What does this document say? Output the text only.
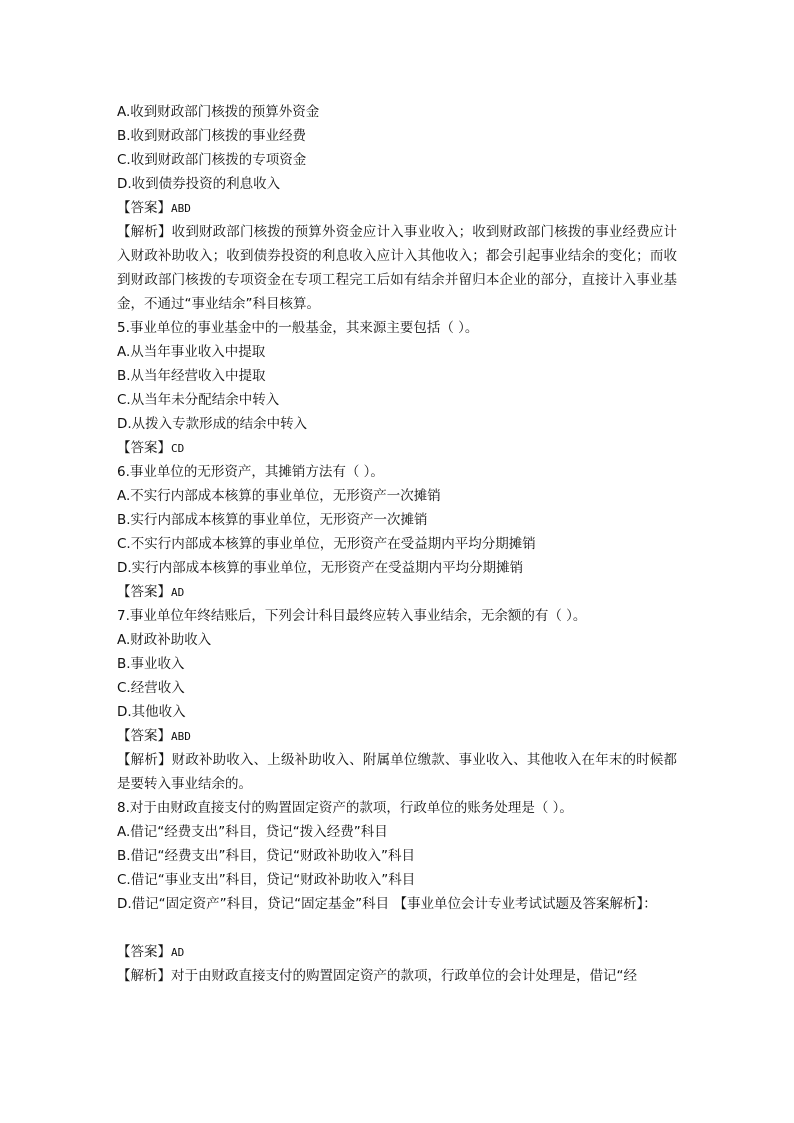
A.收到财政部门核拨的预算外资金
B.收到财政部门核拨的事业经费
C.收到财政部门核拨的专项资金
D.收到债券投资的利息收入
【答案】ABD
【解析】收到财政部门核拨的预算外资金应计入事业收入；收到财政部门核拨的事业经费应计入财政补助收入；收到债券投资的利息收入应计入其他收入；都会引起事业结余的变化；而收到财政部门核拨的专项资金在专项工程完工后如有结余并留归本企业的部分，直接计入事业基金，不通过“事业结余”科目核算。
5.事业单位的事业基金中的一般基金，其来源主要包括（ ）。
A.从当年事业收入中提取
B.从当年经营收入中提取
C.从当年未分配结余中转入
D.从拨入专款形成的结余中转入
【答案】CD
6.事业单位的无形资产，其摊销方法有（ ）。
A.不实行内部成本核算的事业单位，无形资产一次摊销
B.实行内部成本核算的事业单位，无形资产一次摊销
C.不实行内部成本核算的事业单位，无形资产在受益期内平均分期摊销
D.实行内部成本核算的事业单位，无形资产在受益期内平均分期摊销
【答案】AD
7.事业单位年终结账后，下列会计科目最终应转入事业结余，无余额的有（ ）。
A.财政补助收入
B.事业收入
C.经营收入
D.其他收入
【答案】ABD
【解析】财政补助收入、上级补助收入、附属单位缴款、事业收入、其他收入在年末的时候都是要转入事业结余的。
8.对于由财政直接支付的购置固定资产的款项，行政单位的账务处理是（ ）。
A.借记“经费支出”科目，贷记“拨入经费”科目
B.借记“经费支出”科目，贷记“财政补助收入”科目
C.借记“事业支出”科目，贷记“财政补助收入”科目
D.借记“固定资产”科目，贷记“固定基金”科目 【事业单位会计专业考试试题及答案解析】：
【答案】AD
【解析】对于由财政直接支付的购置固定资产的款项，行政单位的会计处理是，借记“经
